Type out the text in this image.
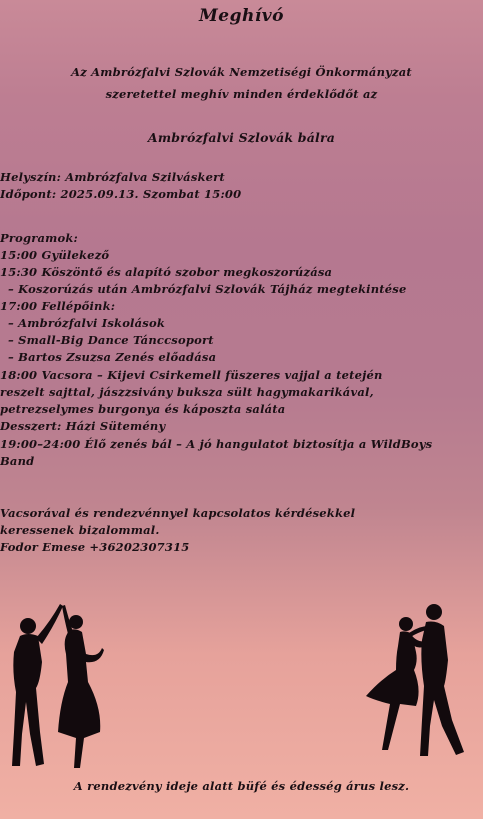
Meghívó
Az Ambrózfalvi Szlovák Nemzetiségi Önkormányzat
szeretettel meghív minden érdeklődőt az
Ambrózfalvi Szlovák bálra
Helyszín: Ambrózfalva Szilváskert
Időpont: 2025.09.13. Szombat 15:00
Programok:
15:00 Gyülekező
15:30 Köszöntő és alapító szobor megkoszorúzása
– Koszorúzás után Ambrózfalvi Szlovák Tájház megtekintése
17:00 Fellépőink:
– Ambrózfalvi Iskolások
– Small-Big Dance Tánccsoport
– Bartos Zsuzsa Zenés előadása
18:00 Vacsora – Kijevi Csirkemell füszeres vajjal a tetején
reszelt sajttal, jászzsivány buksza sült hagymakarikával,
petrezselymes burgonya és káposzta saláta
Desszert: Házi Sütemény
19:00–24:00 Élő zenés bál – A jó hangulatot biztosítja a WildBoys
Band
Vacsorával és rendezvénnyel kapcsolatos kérdésekkel
keressenek bizalommal.
Fodor Emese +36202307315
A rendezvény ideje alatt büfé és édesség árus lesz.
